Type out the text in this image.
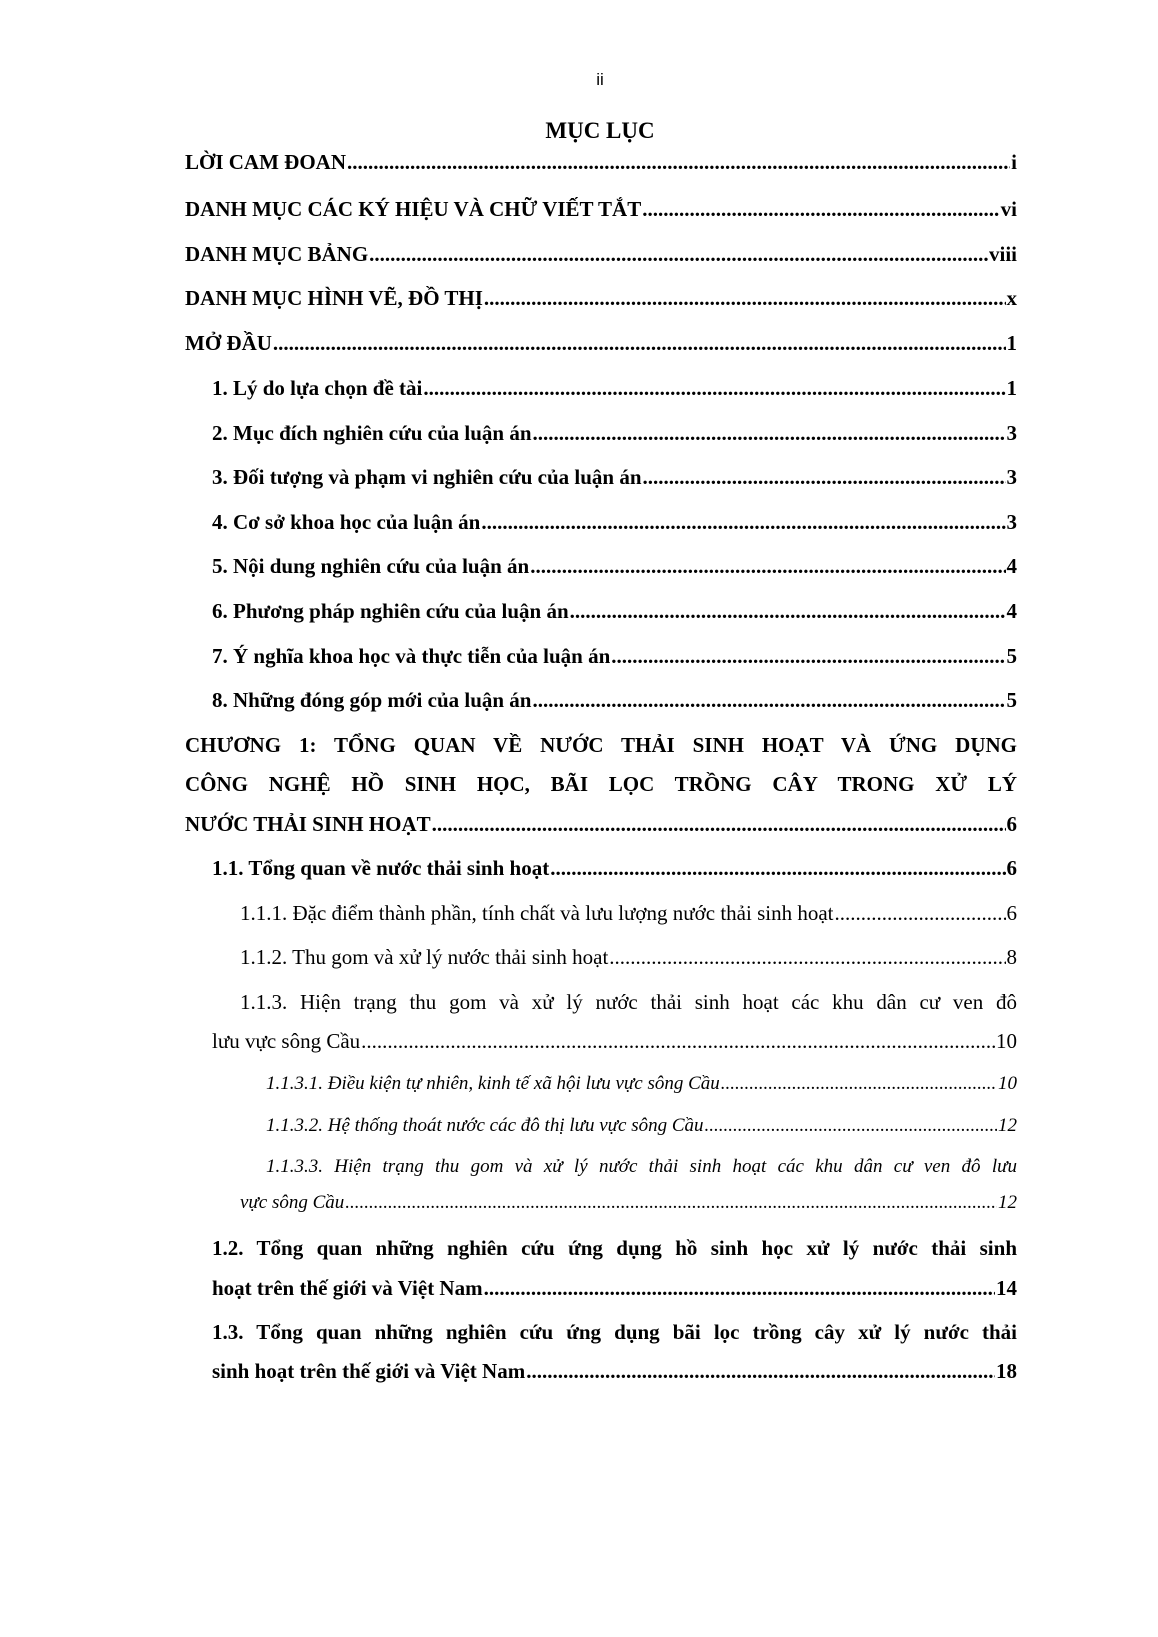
ii
MỤC LỤC
LỜI CAM ĐOAN .....	i
DANH MỤC CÁC KÝ HIỆU VÀ CHỮ VIẾT TẮT .....	vi
DANH MỤC BẢNG .....	viii
DANH MỤC HÌNH VẼ, ĐỒ THỊ .....	x
MỞ ĐẦU .....	1
1. Lý do lựa chọn đề tài .....	1
2. Mục đích nghiên cứu của luận án .....	3
3. Đối tượng và phạm vi nghiên cứu của luận án .....	3
4. Cơ sở khoa học của luận án .....	3
5. Nội dung nghiên cứu của luận án .....	4
6. Phương pháp nghiên cứu của luận án .....	4
7. Ý nghĩa khoa học và thực tiễn của luận án .....	5
8. Những đóng góp mới của luận án .....	5
CHƯƠNG 1: TỔNG QUAN VỀ NƯỚC THẢI SINH HOẠT VÀ ỨNG DỤNG
CÔNG NGHỆ HỒ SINH HỌC, BÃI LỌC TRỒNG CÂY TRONG XỬ LÝ
NƯỚC THẢI SINH HOẠT .....	6
1.1. Tổng quan về nước thải sinh hoạt .....	6
1.1.1. Đặc điểm thành phần, tính chất và lưu lượng nước thải sinh hoạt .....	6
1.1.2. Thu gom và xử lý nước thải sinh hoạt .....	8
1.1.3. Hiện trạng thu gom và xử lý nước thải sinh hoạt các khu dân cư ven đô
lưu vực sông Cầu .....	10
1.1.3.1. Điều kiện tự nhiên, kinh tế xã hội lưu vực sông Cầu .....	10
1.1.3.2. Hệ thống thoát nước các đô thị lưu vực sông Cầu .....	12
1.1.3.3. Hiện trạng thu gom và xử lý nước thải sinh hoạt các khu dân cư ven đô lưu
vực sông Cầu .....	12
1.2. Tổng quan những nghiên cứu ứng dụng hồ sinh học xử lý nước thải sinh
hoạt trên thế giới và Việt Nam .....	14
1.3. Tổng quan những nghiên cứu ứng dụng bãi lọc trồng cây xử lý nước thải
sinh hoạt trên thế giới và Việt Nam .....	18
